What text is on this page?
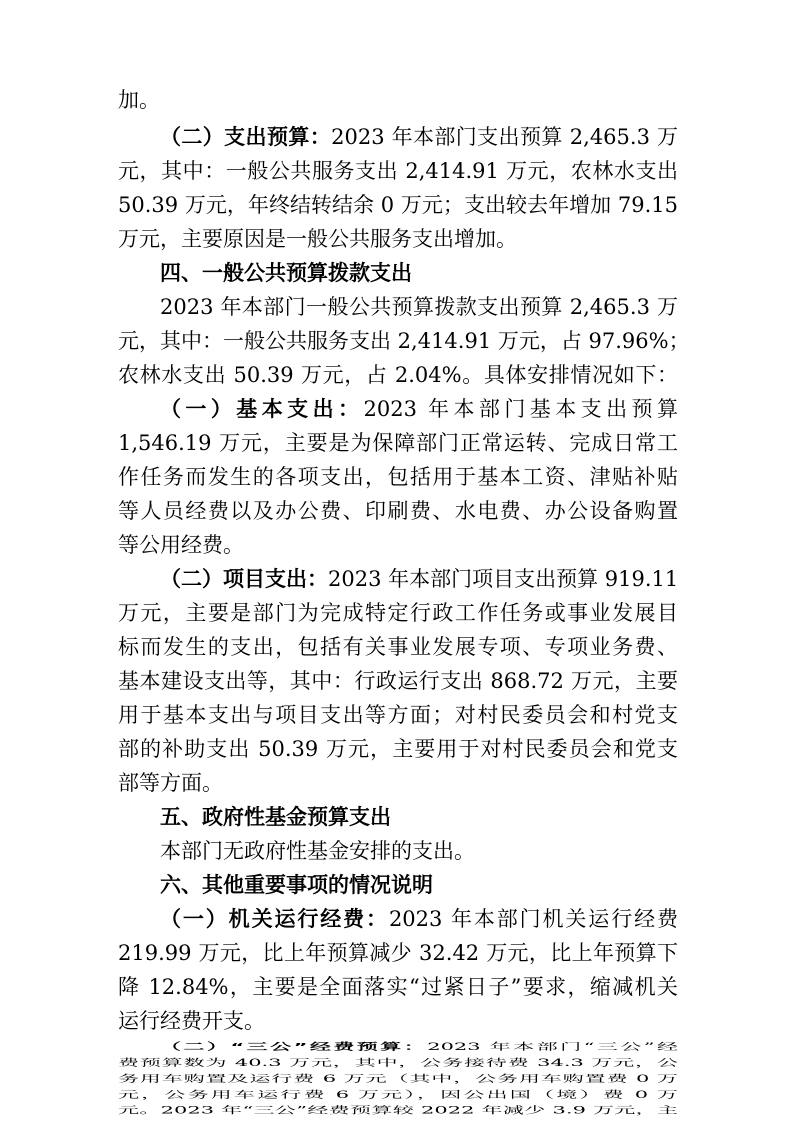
加。
（二）支出预算：2023 年本部门支出预算 2,465.3 万
元，其中：一般公共服务支出 2,414.91 万元，农林水支出
50.39 万元，年终结转结余 0 万元；支出较去年增加 79.15
万元，主要原因是一般公共服务支出增加。
四、一般公共预算拨款支出
2023 年本部门一般公共预算拨款支出预算 2,465.3 万
元，其中：一般公共服务支出 2,414.91 万元，占 97.96%；
农林水支出 50.39 万元，占 2.04%。具体安排情况如下：
（一）基本支出：2023 年本部门基本支出预算
1,546.19 万元，主要是为保障部门正常运转、完成日常工
作任务而发生的各项支出，包括用于基本工资、津贴补贴
等人员经费以及办公费、印刷费、水电费、办公设备购置
等公用经费。
（二）项目支出：2023 年本部门项目支出预算 919.11
万元，主要是部门为完成特定行政工作任务或事业发展目
标而发生的支出，包括有关事业发展专项、专项业务费、
基本建设支出等，其中：行政运行支出 868.72 万元，主要
用于基本支出与项目支出等方面；对村民委员会和村党支
部的补助支出 50.39 万元，主要用于对村民委员会和党支
部等方面。
五、政府性基金预算支出
本部门无政府性基金安排的支出。
六、其他重要事项的情况说明
（一）机关运行经费：2023 年本部门机关运行经费
219.99 万元，比上年预算减少 32.42 万元，比上年预算下
降 12.84%，主要是全面落实“过紧日子”要求，缩减机关
运行经费开支。
（二）“三公”经费预算：2023 年本部门“三公”经
费预算数为 40.3 万元，其中，公务接待费 34.3 万元，公
务用车购置及运行费 6 万元（其中，公务用车购置费 0 万
元，公务用车运行费 6 万元），因公出国（境）费 0 万
元。2023 年“三公”经费预算较 2022 年减少 3.9 万元，主
